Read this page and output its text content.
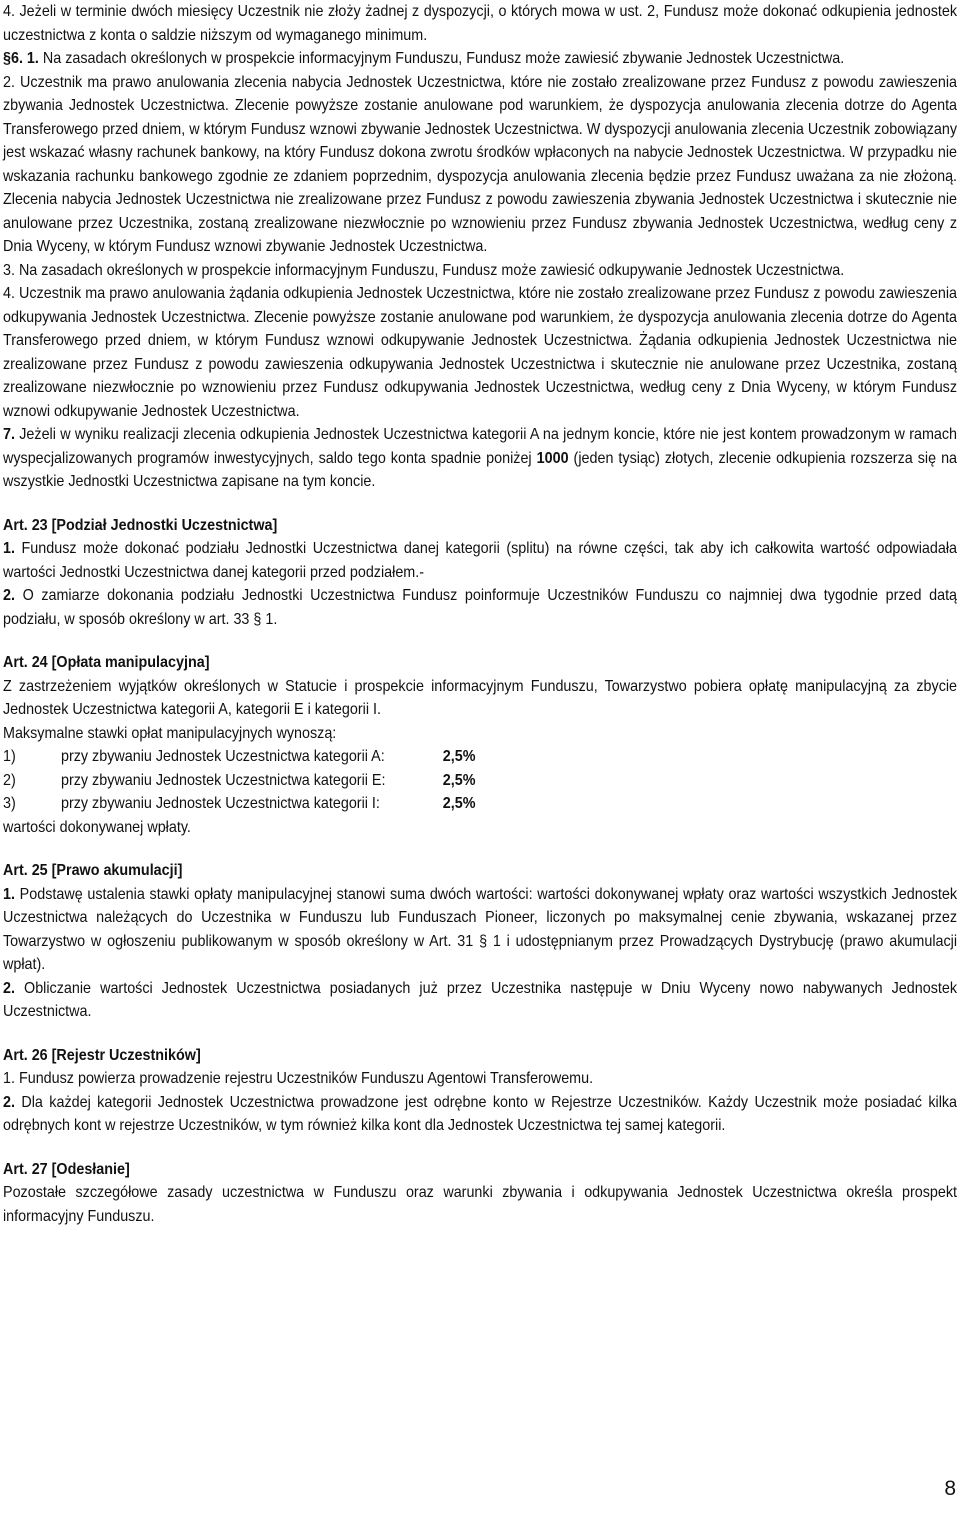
4. Jeżeli w terminie dwóch miesięcy Uczestnik nie złoży żadnej z dyspozycji, o których mowa w ust. 2, Fundusz może dokonać odkupienia jednostek uczestnictwa z konta o saldzie niższym od wymaganego minimum.

§6. 1. Na zasadach określonych w prospekcie informacyjnym Funduszu, Fundusz może zawiesić zbywanie Jednostek Uczestnictwa.

2. Uczestnik ma prawo anulowania zlecenia nabycia Jednostek Uczestnictwa, które nie zostało zrealizowane przez Fundusz z powodu zawieszenia zbywania Jednostek Uczestnictwa. Zlecenie powyższe zostanie anulowane pod warunkiem, że dyspozycja anulowania zlecenia dotrze do Agenta Transferowego przed dniem, w którym Fundusz wznowi zbywanie Jednostek Uczestnictwa. W dyspozycji anulowania zlecenia Uczestnik zobowiązany jest wskazać własny rachunek bankowy, na który Fundusz dokona zwrotu środków wpłaconych na nabycie Jednostek Uczestnictwa. W przypadku nie wskazania rachunku bankowego zgodnie ze zdaniem poprzednim, dyspozycja anulowania zlecenia będzie przez Fundusz uważana za nie złożoną. Zlecenia nabycia Jednostek Uczestnictwa nie zrealizowane przez Fundusz z powodu zawieszenia zbywania Jednostek Uczestnictwa i skutecznie nie anulowane przez Uczestnika, zostaną zrealizowane niezwłocznie po wznowieniu przez Fundusz zbywania Jednostek Uczestnictwa, według ceny z Dnia Wyceny, w którym Fundusz wznowi zbywanie Jednostek Uczestnictwa.

3. Na zasadach określonych w prospekcie informacyjnym Funduszu, Fundusz może zawiesić odkupywanie Jednostek Uczestnictwa.

4. Uczestnik ma prawo anulowania żądania odkupienia Jednostek Uczestnictwa, które nie zostało zrealizowane przez Fundusz z powodu zawieszenia odkupywania Jednostek Uczestnictwa. Zlecenie powyższe zostanie anulowane pod warunkiem, że dyspozycja anulowania zlecenia dotrze do Agenta Transferowego przed dniem, w którym Fundusz wznowi odkupywanie Jednostek Uczestnictwa. Żądania odkupienia Jednostek Uczestnictwa nie zrealizowane przez Fundusz z powodu zawieszenia odkupywania Jednostek Uczestnictwa i skutecznie nie anulowane przez Uczestnika, zostaną zrealizowane niezwłocznie po wznowieniu przez Fundusz odkupywania Jednostek Uczestnictwa, według ceny z Dnia Wyceny, w którym Fundusz wznowi odkupywanie Jednostek Uczestnictwa.

7. Jeżeli w wyniku realizacji zlecenia odkupienia Jednostek Uczestnictwa kategorii A na jednym koncie, które nie jest kontem prowadzonym w ramach wyspecjalizowanych programów inwestycyjnych, saldo tego konta spadnie poniżej 1000 (jeden tysiąc) złotych, zlecenie odkupienia rozszerza się na wszystkie Jednostki Uczestnictwa zapisane na tym koncie.

Art. 23 [Podział Jednostki Uczestnictwa]

1. Fundusz może dokonać podziału Jednostki Uczestnictwa danej kategorii (splitu) na równe części, tak aby ich całkowita wartość odpowiadała wartości Jednostki Uczestnictwa danej kategorii przed podziałem.-

2. O zamiarze dokonania podziału Jednostki Uczestnictwa Fundusz poinformuje Uczestników Funduszu co najmniej dwa tygodnie przed datą podziału, w sposób określony w art. 33 § 1.

Art. 24 [Opłata manipulacyjna]

Z zastrzeżeniem wyjątków określonych w Statucie i prospekcie informacyjnym Funduszu, Towarzystwo pobiera opłatę manipulacyjną za zbycie Jednostek Uczestnictwa kategorii A, kategorii E i kategorii I.

Maksymalne stawki opłat manipulacyjnych wynoszą:

1)	przy zbywaniu Jednostek Uczestnictwa kategorii A:	2,5%
2)	przy zbywaniu Jednostek Uczestnictwa kategorii E:	2,5%
3)	przy zbywaniu Jednostek Uczestnictwa kategorii I:	2,5%

wartości dokonywanej wpłaty.

Art. 25 [Prawo akumulacji]

1. Podstawę ustalenia stawki opłaty manipulacyjnej stanowi suma dwóch wartości: wartości dokonywanej wpłaty oraz wartości wszystkich Jednostek Uczestnictwa należących do Uczestnika w Funduszu lub Funduszach Pioneer, liczonych po maksymalnej cenie zbywania, wskazanej przez Towarzystwo w ogłoszeniu publikowanym w sposób określony w Art. 31 § 1 i udostępnianym przez Prowadzących Dystrybucję (prawo akumulacji wpłat).

2. Obliczanie wartości Jednostek Uczestnictwa posiadanych już przez Uczestnika następuje w Dniu Wyceny nowo nabywanych Jednostek Uczestnictwa.

Art. 26 [Rejestr Uczestników]

1. Fundusz powierza prowadzenie rejestru Uczestników Funduszu Agentowi Transferowemu.

2. Dla każdej kategorii Jednostek Uczestnictwa prowadzone jest odrębne konto w Rejestrze Uczestników. Każdy Uczestnik może posiadać kilka odrębnych kont w rejestrze Uczestników, w tym również kilka kont dla Jednostek Uczestnictwa tej samej kategorii.

Art. 27 [Odesłanie]

Pozostałe szczegółowe zasady uczestnictwa w Funduszu oraz warunki zbywania i odkupywania Jednostek Uczestnictwa określa prospekt informacyjny Funduszu.

8
